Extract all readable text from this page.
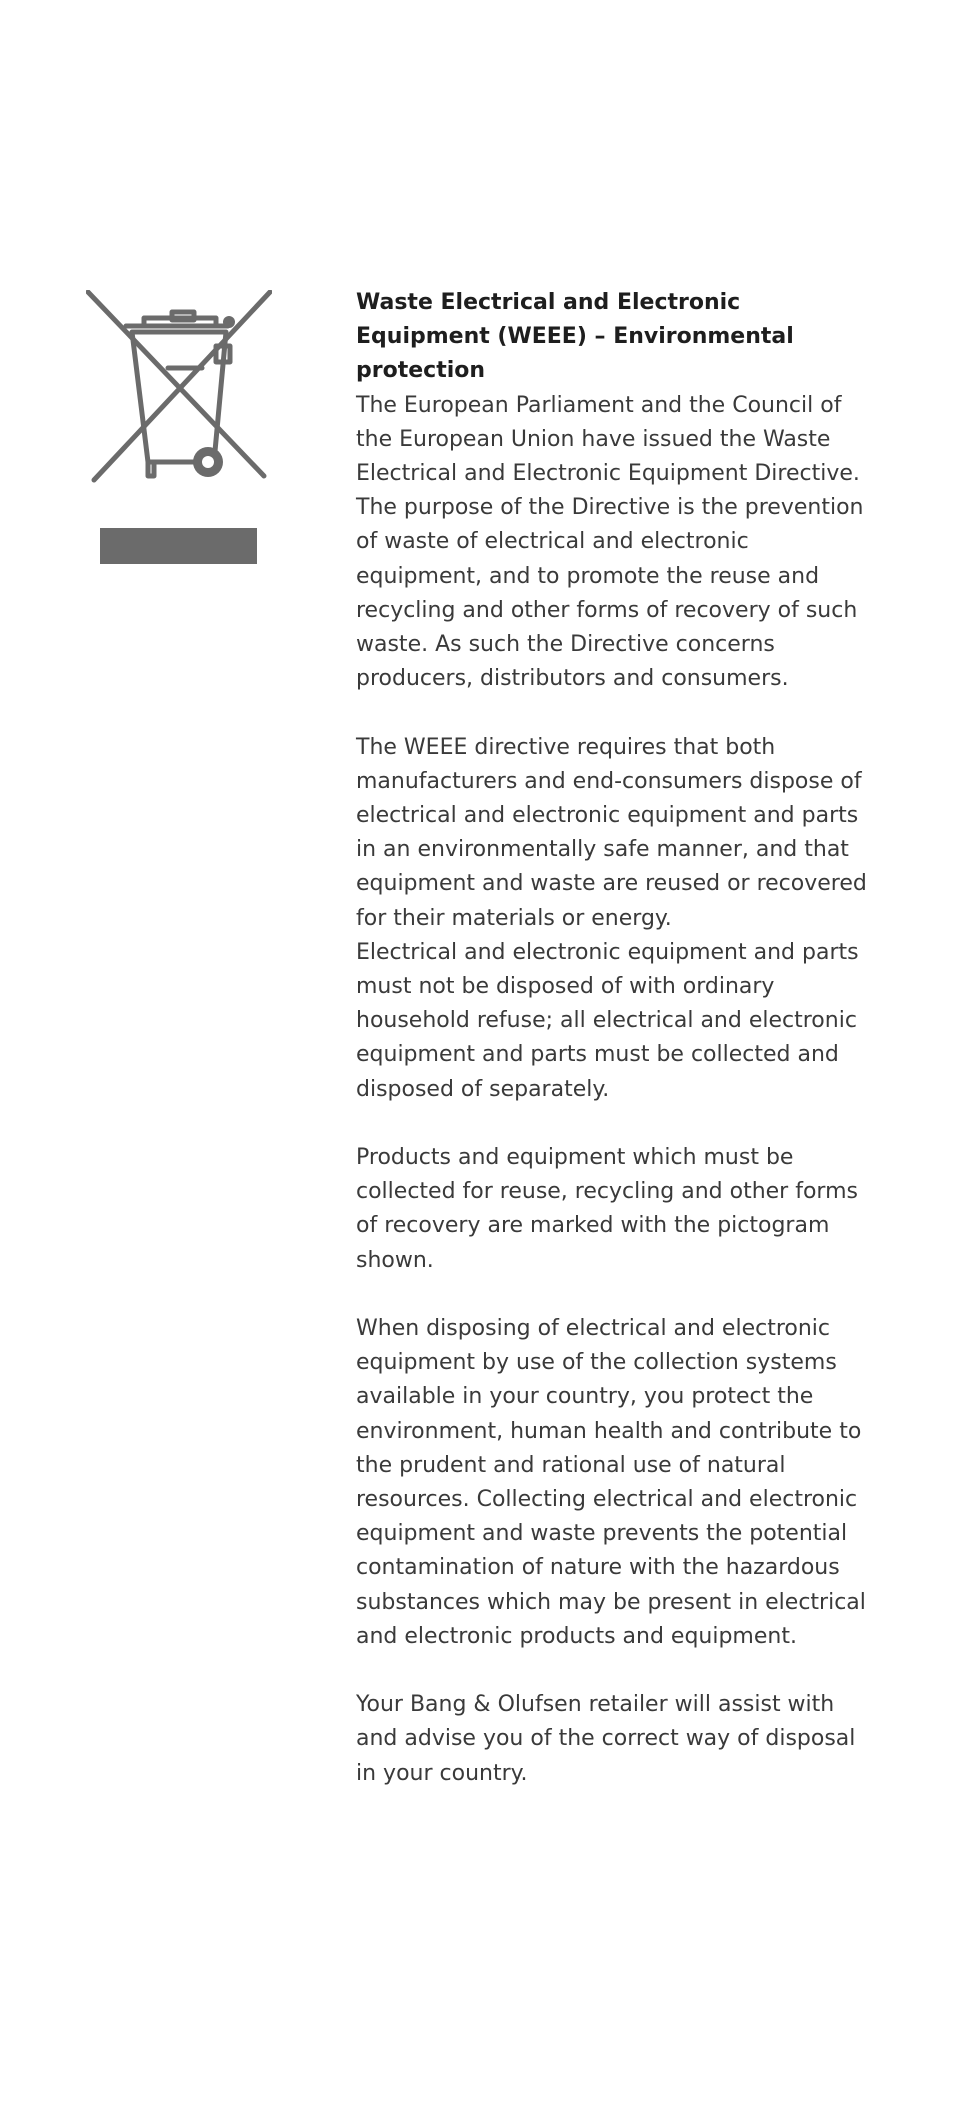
Waste Electrical and Electronic Equipment (WEEE) – Environmental protection

The European Parliament and the Council of the European Union have issued the Waste Electrical and Electronic Equipment Directive. The purpose of the Directive is the prevention of waste of electrical and electronic equipment, and to promote the reuse and recycling and other forms of recovery of such waste. As such the Directive concerns producers, distributors and consumers.

The WEEE directive requires that both manufacturers and end-consumers dispose of electrical and electronic equipment and parts in an environmentally safe manner, and that equipment and waste are reused or recovered for their materials or energy.

Electrical and electronic equipment and parts must not be disposed of with ordinary household refuse; all electrical and electronic equipment and parts must be collected and disposed of separately.

Products and equipment which must be collected for reuse, recycling and other forms of recovery are marked with the pictogram shown.

When disposing of electrical and electronic equipment by use of the collection systems available in your country, you protect the environment, human health and contribute to the prudent and rational use of natural resources. Collecting electrical and electronic equipment and waste prevents the potential contamination of nature with the hazardous substances which may be present in electrical and electronic products and equipment.

Your Bang & Olufsen retailer will assist with and advise you of the correct way of disposal in your country.
